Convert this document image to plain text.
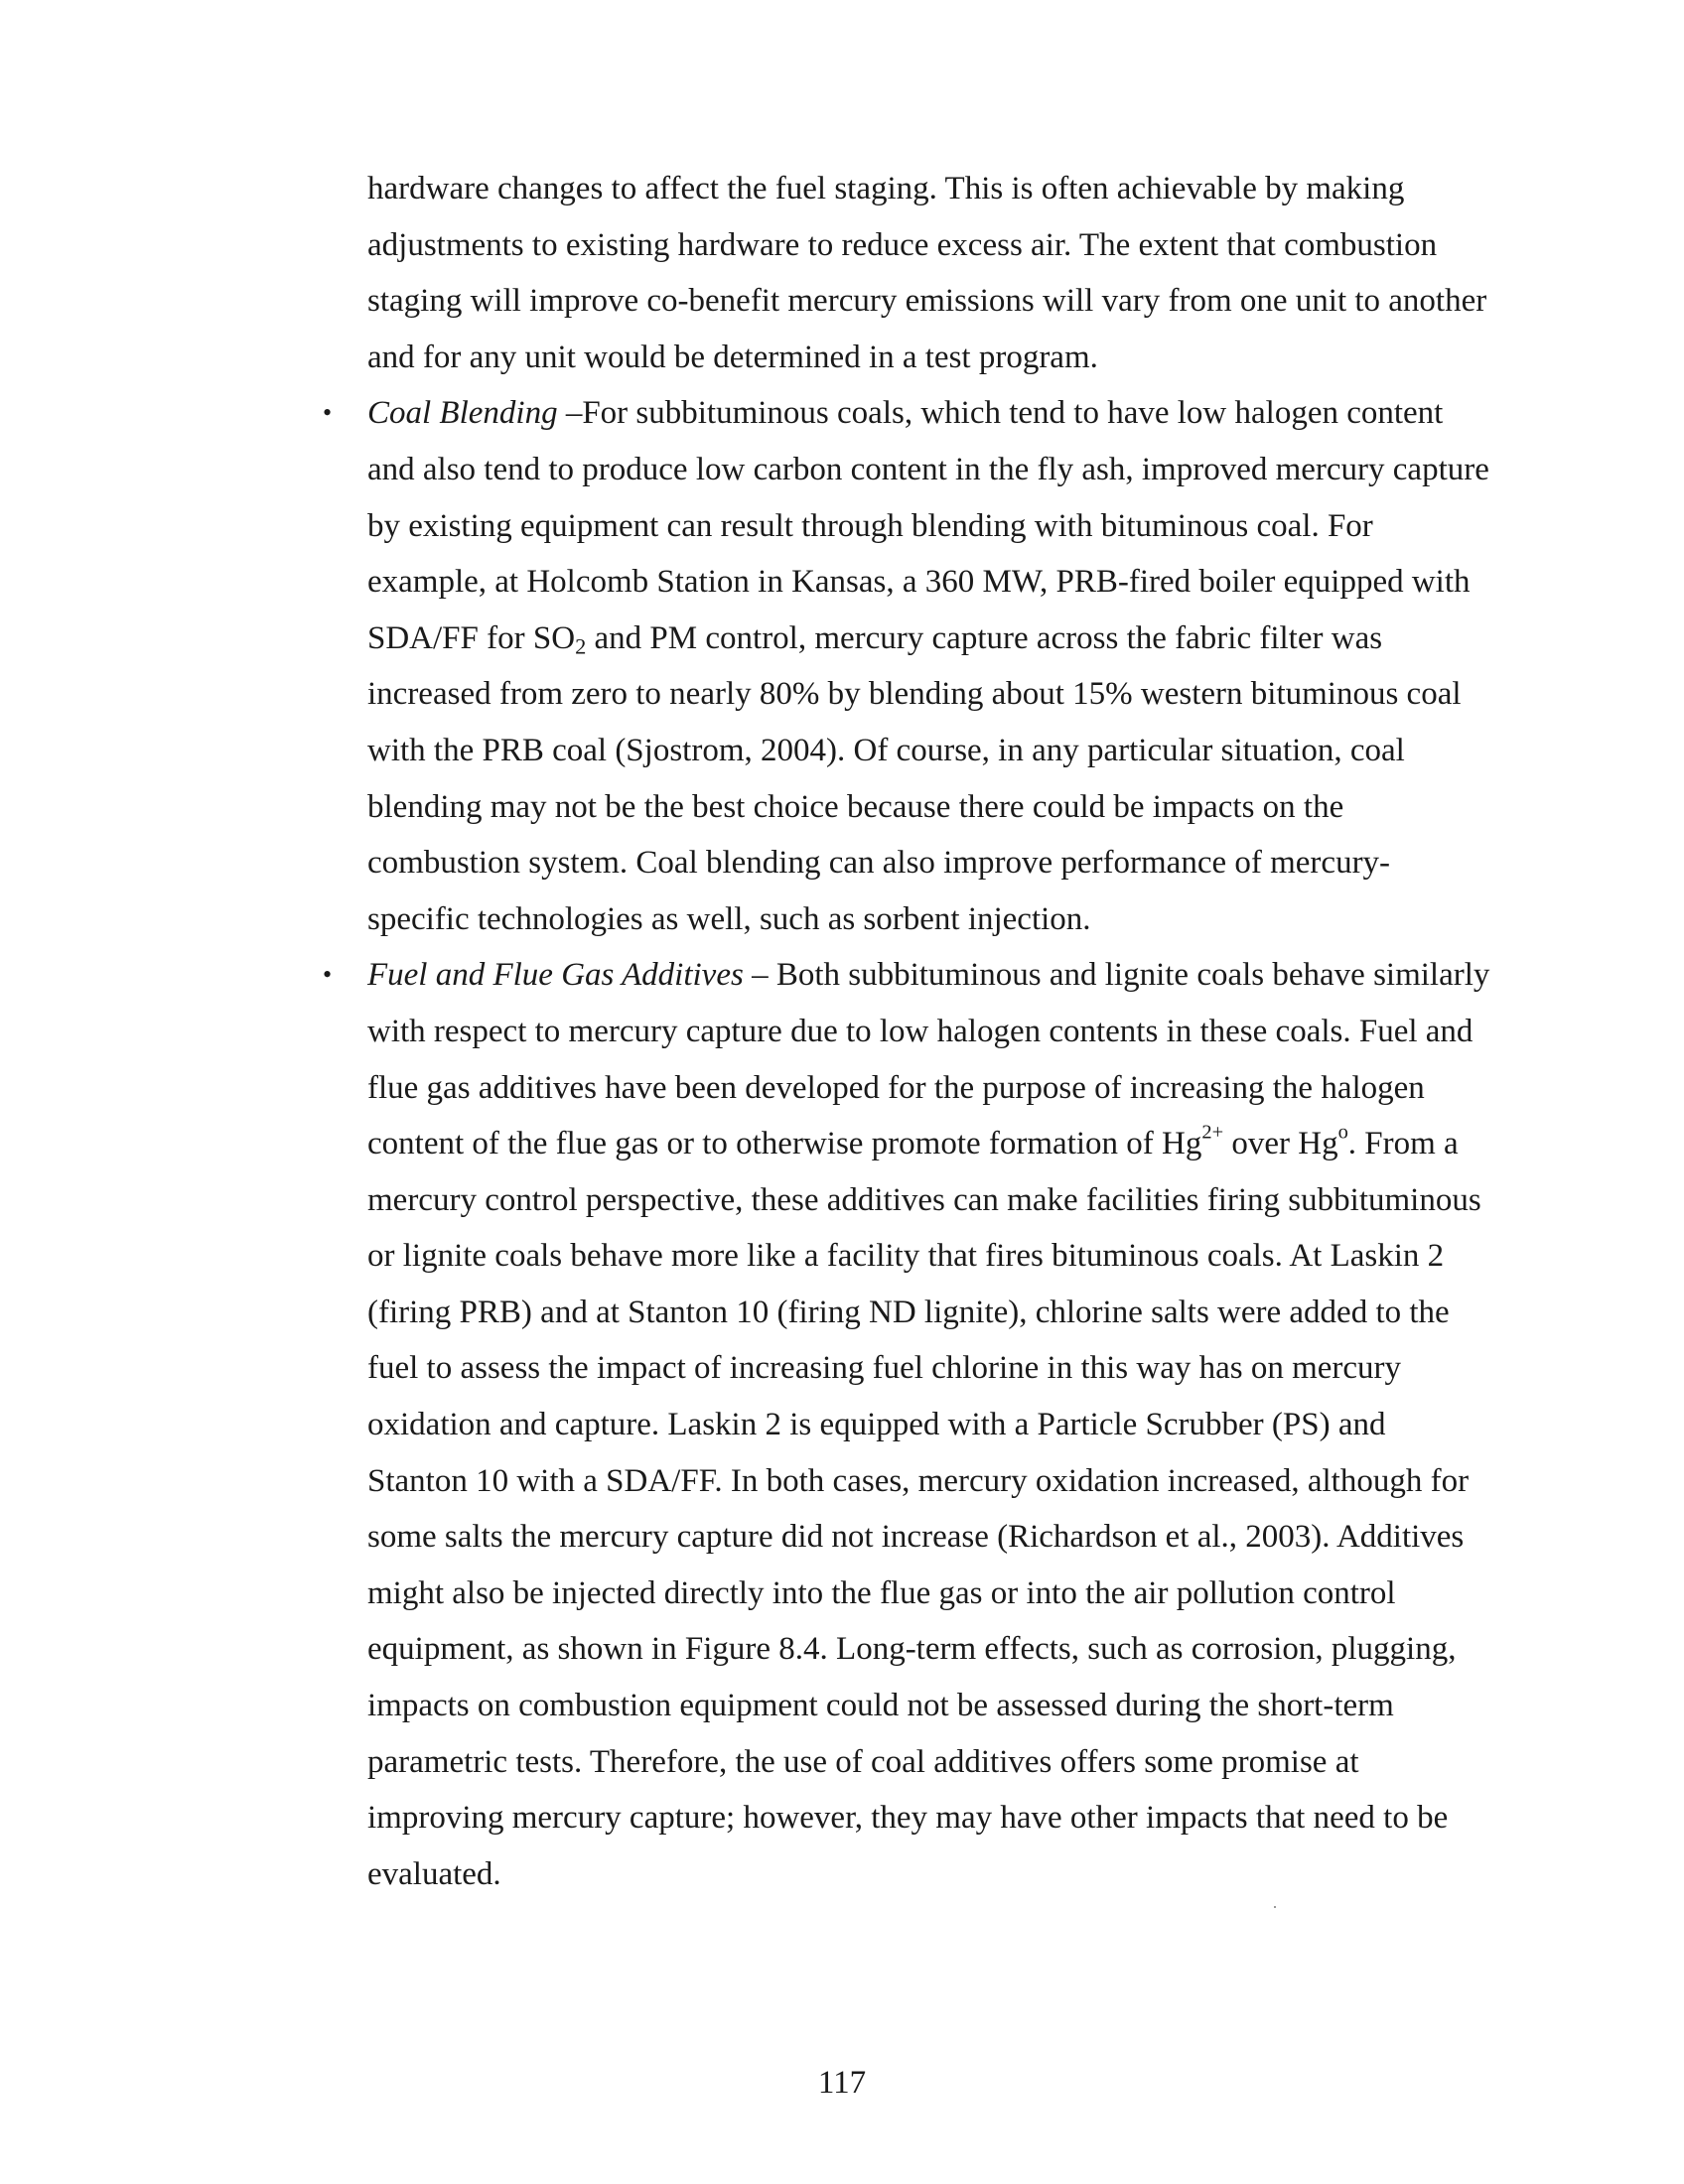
hardware changes to affect the fuel staging. This is often achievable by making
adjustments to existing hardware to reduce excess air. The extent that combustion
staging will improve co-benefit mercury emissions will vary from one unit to another
and for any unit would be determined in a test program.
• Coal Blending –For subbituminous coals, which tend to have low halogen content
and also tend to produce low carbon content in the fly ash, improved mercury capture
by existing equipment can result through blending with bituminous coal. For
example, at Holcomb Station in Kansas, a 360 MW, PRB-fired boiler equipped with
SDA/FF for $SO_2$ and PM control, mercury capture across the fabric filter was
increased from zero to nearly 80% by blending about 15% western bituminous coal
with the PRB coal (Sjostrom, 2004). Of course, in any particular situation, coal
blending may not be the best choice because there could be impacts on the
combustion system. Coal blending can also improve performance of mercury-
specific technologies as well, such as sorbent injection.
• Fuel and Flue Gas Additives – Both subbituminous and lignite coals behave similarly
with respect to mercury capture due to low halogen contents in these coals. Fuel and
flue gas additives have been developed for the purpose of increasing the halogen
content of the flue gas or to otherwise promote formation of $Hg^{2+}$ over Hg$^o$. From a
mercury control perspective, these additives can make facilities firing subbituminous
or lignite coals behave more like a facility that fires bituminous coals. At Laskin 2
(firing PRB) and at Stanton 10 (firing ND lignite), chlorine salts were added to the
fuel to assess the impact of increasing fuel chlorine in this way has on mercury
oxidation and capture. Laskin 2 is equipped with a Particle Scrubber (PS) and
Stanton 10 with a SDA/FF. In both cases, mercury oxidation increased, although for
some salts the mercury capture did not increase (Richardson et al., 2003). Additives
might also be injected directly into the flue gas or into the air pollution control
equipment, as shown in Figure 8.4. Long-term effects, such as corrosion, plugging,
impacts on combustion equipment could not be assessed during the short-term
parametric tests. Therefore, the use of coal additives offers some promise at
improving mercury capture; however, they may have other impacts that need to be
evaluated.
117
